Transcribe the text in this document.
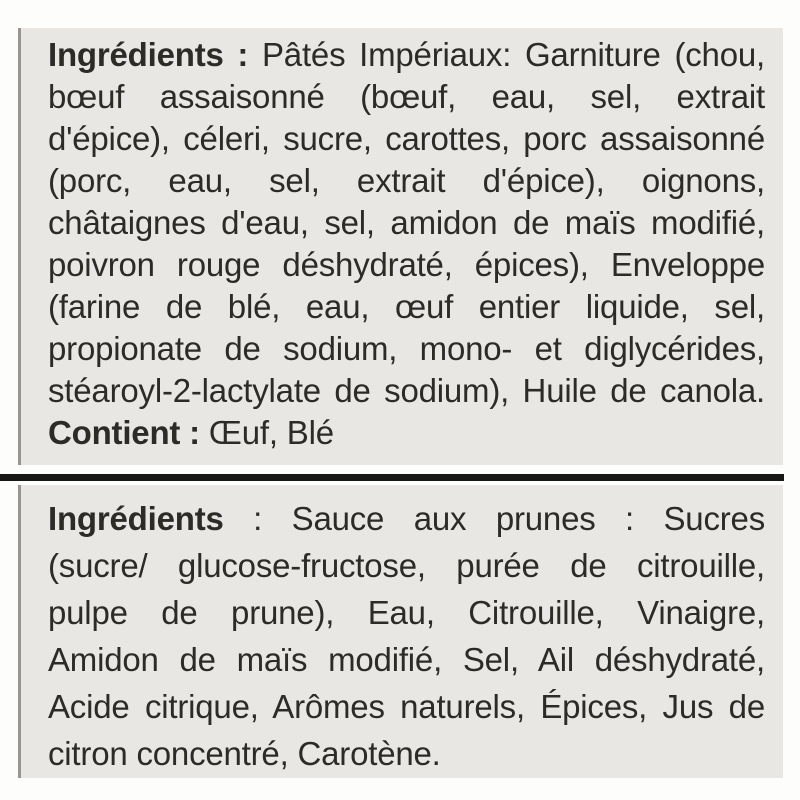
Ingrédients : Pâtés Impériaux: Garniture (chou,
bœuf assaisonné (bœuf, eau, sel, extrait
d'épice), céleri, sucre, carottes, porc assaisonné
(porc, eau, sel, extrait d'épice), oignons,
châtaignes d'eau, sel, amidon de maïs modifié,
poivron rouge déshydraté, épices), Enveloppe
(farine de blé, eau, œuf entier liquide, sel,
propionate de sodium, mono- et diglycérides,
stéaroyl-2-lactylate de sodium), Huile de canola.
Contient : Œuf, Blé
Ingrédients : Sauce aux prunes : Sucres
(sucre/ glucose-fructose, purée de citrouille,
pulpe de prune), Eau, Citrouille, Vinaigre,
Amidon de maïs modifié, Sel, Ail déshydraté,
Acide citrique, Arômes naturels, Épices, Jus de
citron concentré, Carotène.
